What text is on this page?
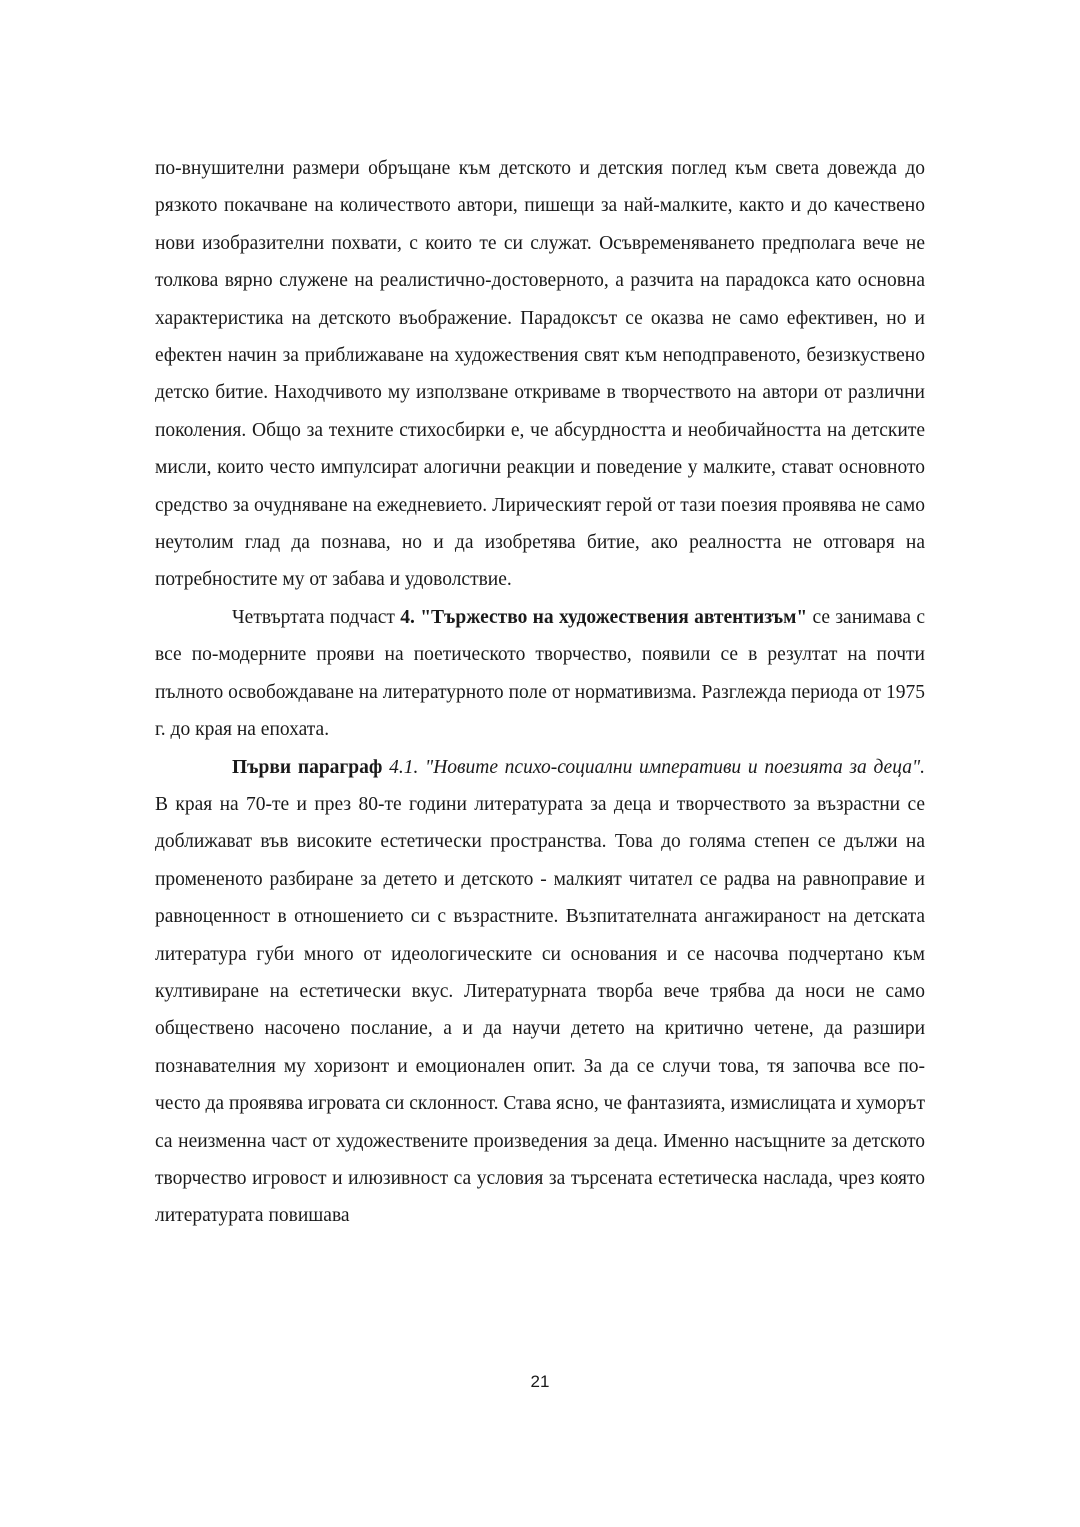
по-внушителни размери обръщане към детското и детския поглед към света довежда до рязкото покачване на количеството автори, пишещи за най-малките, както и до качествено нови изобразителни похвати, с които те си служат. Осъвременяването предполага вече не толкова вярно служене на реалистично-достоверното, а разчита на парадокса като основна характеристика на детското въображение. Парадоксът се оказва не само ефективен, но и ефектен начин за приближаване на художествения свят към неподправеното, безизкуствено детско битие. Находчивото му използване откриваме в творчеството на автори от различни поколения. Общо за техните стихосбирки е, че абсурдността и необичайността на детските мисли, които често импулсират алогични реакции и поведение у малките, стават основното средство за очудняване на ежедневието. Лирическият герой от тази поезия проявява не само неутолим глад да познава, но и да изобретява битие, ако реалността не отговаря на потребностите му от забава и удоволствие.

Четвъртата подчаст 4. "Тържество на художествения автентизъм" се занимава с все по-модерните прояви на поетическото творчество, появили се в резултат на почти пълното освобождаване на литературното поле от нормативизма. Разглежда периода от 1975 г. до края на епохата.

Първи параграф 4.1. "Новите психо-социални императиви и поезията за деца". В края на 70-те и през 80-те години литературата за деца и творчеството за възрастни се доближават във високите естетически пространства. Това до голяма степен се дължи на промененото разбиране за детето и детското - малкият читател се радва на равноправие и равноценност в отношението си с възрастните. Възпитателната ангажираност на детската литература губи много от идеологическите си основания и се насочва подчертано към култивиране на естетически вкус. Литературната творба вече трябва да носи не само обществено насочено послание, а и да научи детето на критично четене, да разшири познавателния му хоризонт и емоционален опит. За да се случи това, тя започва все по-често да проявява игровата си склонност. Става ясно, че фантазията, измислицата и хуморът са неизменна част от художествените произведения за деца. Именно насъщните за детското творчество игровост и илюзивност са условия за търсената естетическа наслада, чрез която литературата повишава

21
